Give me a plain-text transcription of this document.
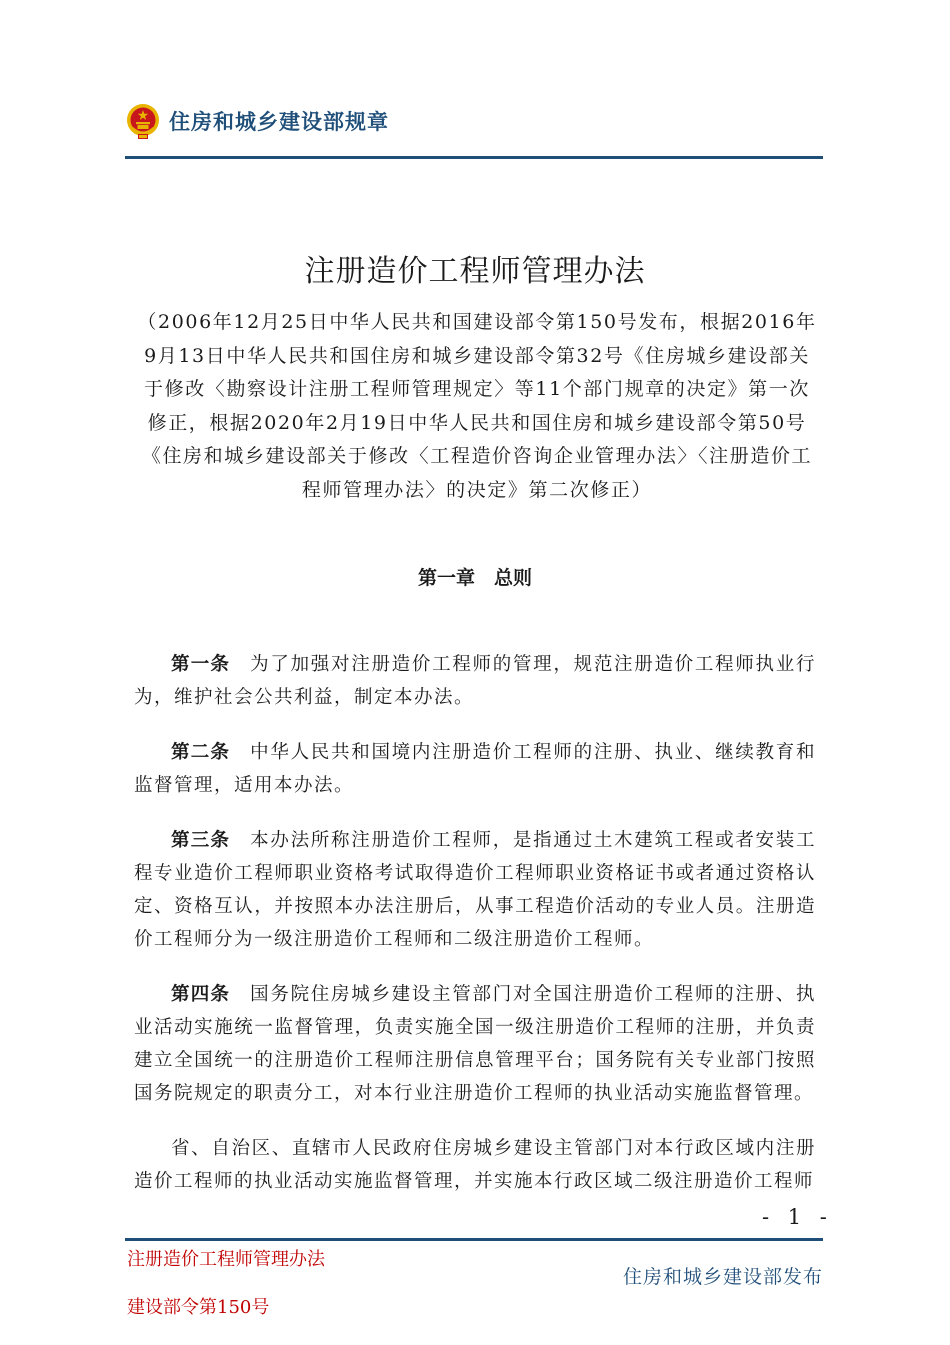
住房和城乡建设部规章
注册造价工程师管理办法
（2006年12月25日中华人民共和国建设部令第150号发布，根据2016年9月13日中华人民共和国住房和城乡建设部令第32号《住房城乡建设部关于修改〈勘察设计注册工程师管理规定〉等11个部门规章的决定》第一次修正，根据2020年2月19日中华人民共和国住房和城乡建设部令第50号《住房和城乡建设部关于修改〈工程造价咨询企业管理办法〉〈注册造价工程师管理办法〉的决定》第二次修正）
第一章　总则

第一条 为了加强对注册造价工程师的管理，规范注册造价工程师执业行为，维护社会公共利益，制定本办法。

第二条 中华人民共和国境内注册造价工程师的注册、执业、继续教育和监督管理，适用本办法。

第三条 本办法所称注册造价工程师，是指通过土木建筑工程或者安装工程专业造价工程师职业资格考试取得造价工程师职业资格证书或者通过资格认定、资格互认，并按照本办法注册后，从事工程造价活动的专业人员。注册造价工程师分为一级注册造价工程师和二级注册造价工程师。

第四条 国务院住房城乡建设主管部门对全国注册造价工程师的注册、执业活动实施统一监督管理，负责实施全国一级注册造价工程师的注册，并负责建立全国统一的注册造价工程师注册信息管理平台；国务院有关专业部门按照国务院规定的职责分工，对本行业注册造价工程师的执业活动实施监督管理。

省、自治区、直辖市人民政府住房城乡建设主管部门对本行政区域内注册造价工程师的执业活动实施监督管理，并实施本行政区域二级注册造价工程师

- 1 -
注册造价工程师管理办法
建设部令第150号
住房和城乡建设部发布
